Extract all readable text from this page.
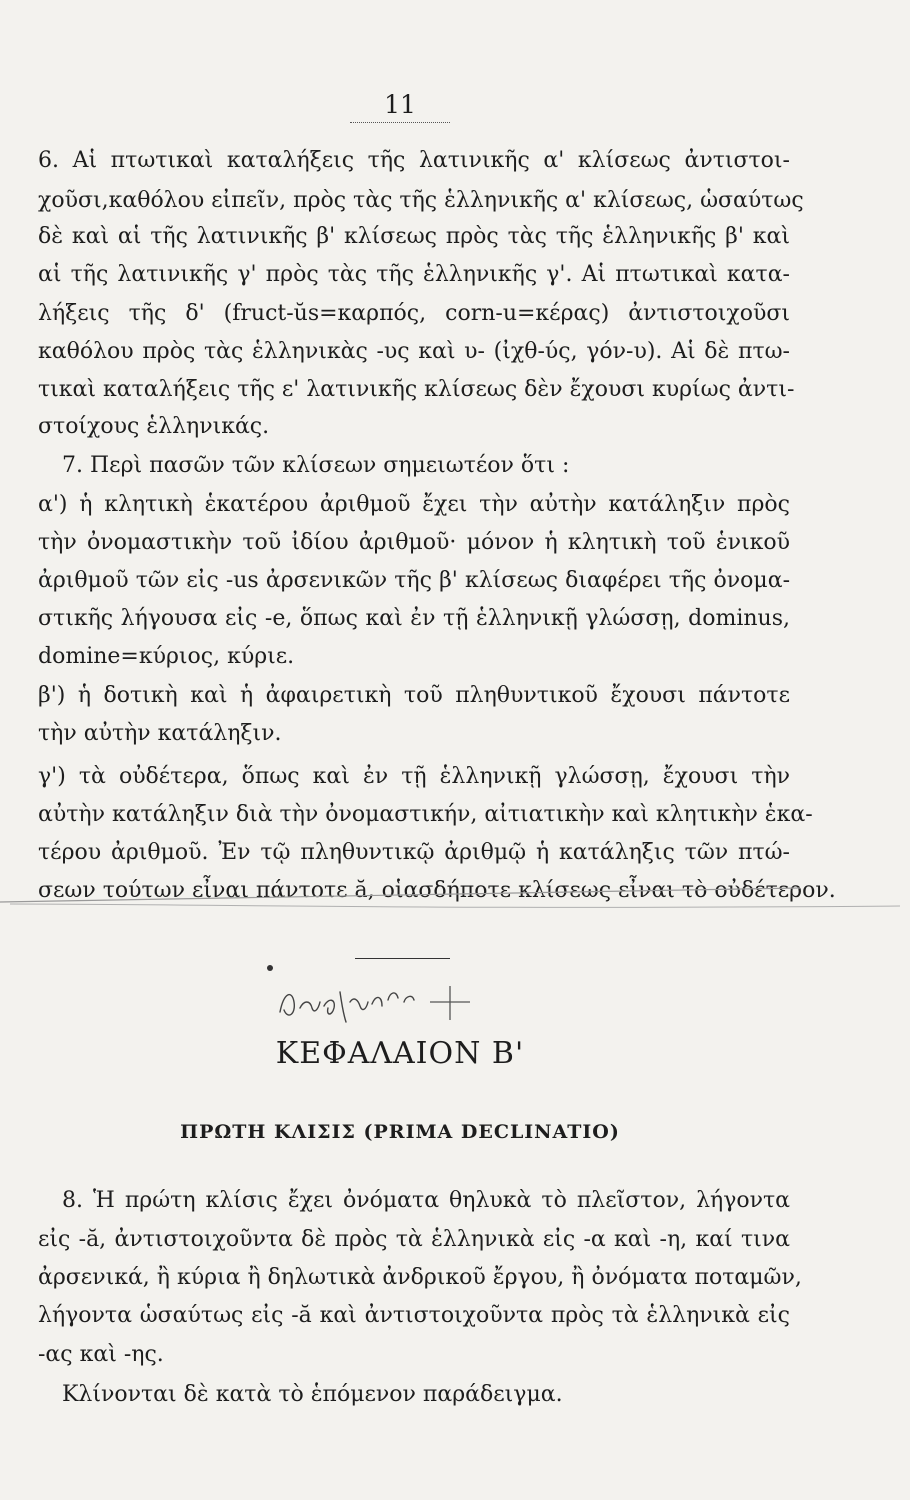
11
6. Αἱ πτωτικαὶ καταλήξεις τῆς λατινικῆς α' κλίσεως ἀντιστοι-
χοῦσι,καθόλου εἰπεῖν, πρὸς τὰς τῆς ἑλληνικῆς α' κλίσεως, ὡσαύτως
δὲ καὶ αἱ τῆς λατινικῆς β' κλίσεως πρὸς τὰς τῆς ἑλληνικῆς β' καὶ
αἱ τῆς λατινικῆς γ' πρὸς τὰς τῆς ἑλληνικῆς γ'. Αἱ πτωτικαὶ κατα-
λήξεις τῆς δ' (fruct-ŭs=καρπός, corn-u=κέρας) ἀντιστοιχοῦσι
καθόλου πρὸς τὰς ἑλληνικὰς -υς καὶ υ- (ἰχθ-ύς, γόν-υ). Αἱ δὲ πτω-
τικαὶ καταλήξεις τῆς ε' λατινικῆς κλίσεως δὲν ἔχουσι κυρίως ἀντι-
στοίχους ἑλληνικάς.
7. Περὶ πασῶν τῶν κλίσεων σημειωτέον ὅτι :
α') ἡ κλητικὴ ἑκατέρου ἀριθμοῦ ἔχει τὴν αὐτὴν κατάληξιν πρὸς
τὴν ὀνομαστικὴν τοῦ ἰδίου ἀριθμοῦ· μόνον ἡ κλητικὴ τοῦ ἑνικοῦ
ἀριθμοῦ τῶν εἰς -us ἀρσενικῶν τῆς β' κλίσεως διαφέρει τῆς ὀνομα-
στικῆς λήγουσα εἰς -e, ὅπως καὶ ἐν τῇ ἑλληνικῇ γλώσσῃ, dominus,
domine=κύριος, κύριε.
β') ἡ δοτικὴ καὶ ἡ ἀφαιρετικὴ τοῦ πληθυντικοῦ ἔχουσι πάντοτε
τὴν αὐτὴν κατάληξιν.
γ') τὰ οὐδέτερα, ὅπως καὶ ἐν τῇ ἑλληνικῇ γλώσσῃ, ἔχουσι τὴν
αὐτὴν κατάληξιν διὰ τὴν ὀνομαστικήν, αἰτιατικὴν καὶ κλητικὴν ἑκα-
τέρου ἀριθμοῦ. Ἐν τῷ πληθυντικῷ ἀριθμῷ ἡ κατάληξις τῶν πτώ-
σεων τούτων εἶναι πάντοτε ă, οἱασδήποτε κλίσεως εἶναι τὸ οὐδέτερον.
ΚΕΦΑΛΑΙΟΝ Β'
ΠΡΩΤΗ ΚΛΙΣΙΣ (PRIMA DECLINATIO)
8. Ἡ πρώτη κλίσις ἔχει ὀνόματα θηλυκὰ τὸ πλεῖστον, λήγοντα
εἰς -ă, ἀντιστοιχοῦντα δὲ πρὸς τὰ ἑλληνικὰ εἰς -α καὶ -η, καί τινα
ἀρσενικά, ἢ κύρια ἢ δηλωτικὰ ἀνδρικοῦ ἔργου, ἢ ὀνόματα ποταμῶν,
λήγοντα ὡσαύτως εἰς -ă καὶ ἀντιστοιχοῦντα πρὸς τὰ ἑλληνικὰ εἰς
-ας καὶ -ης.
Κλίνονται δὲ κατὰ τὸ ἑπόμενον παράδειγμα.
